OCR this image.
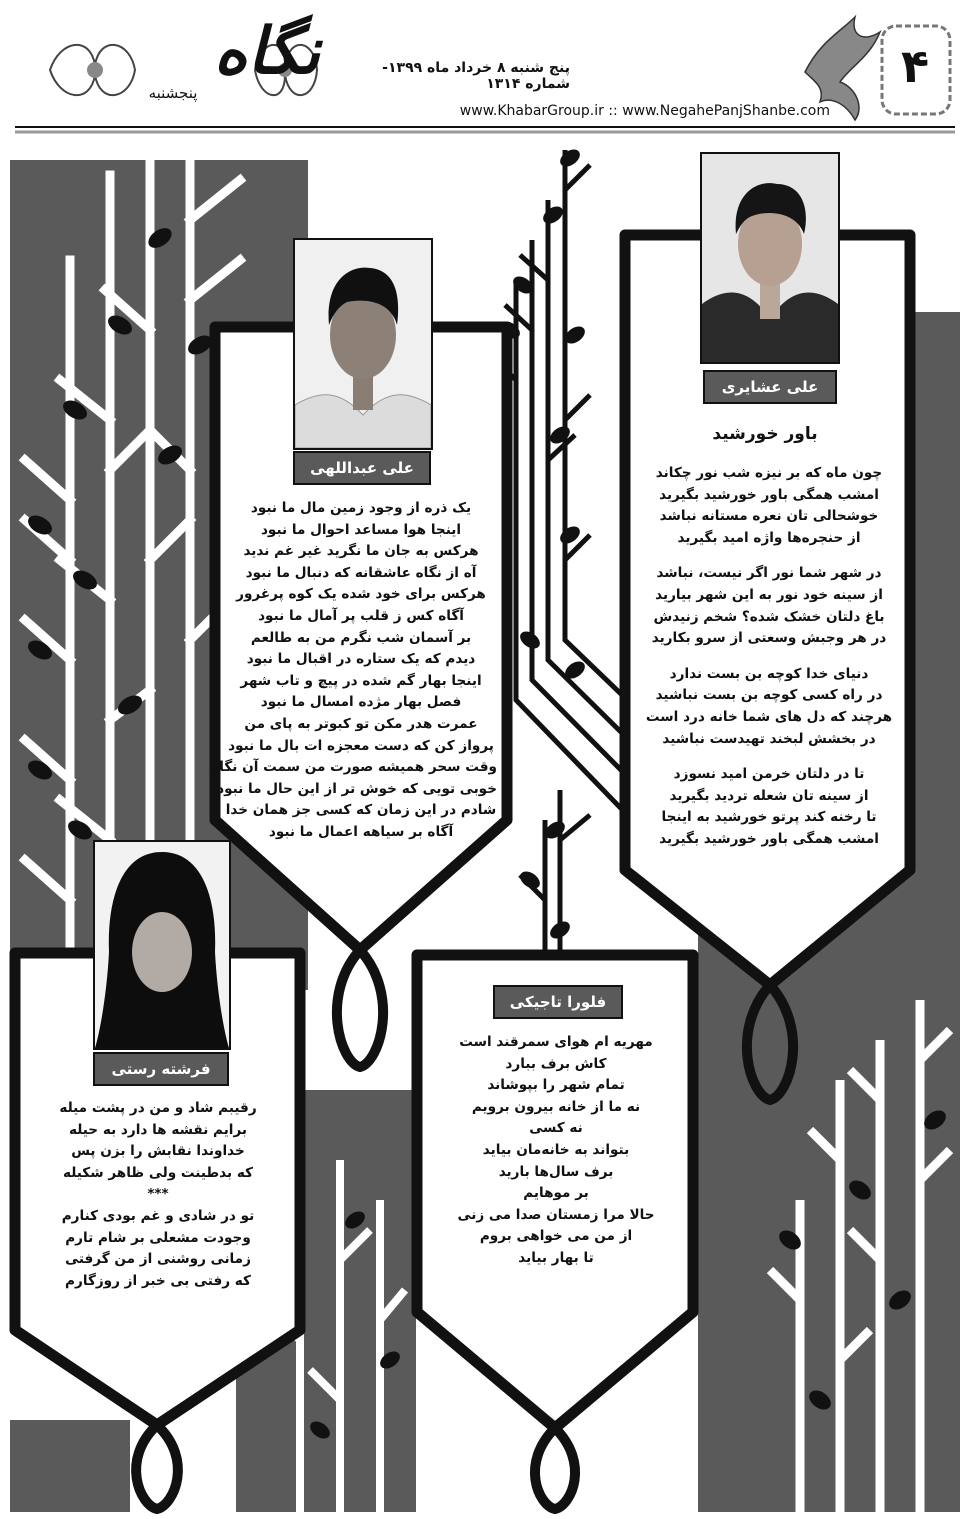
نگاه
پنجشنبه
پنج شنبه ۸ خرداد ماه ۱۳۹۹- شماره ۱۳۱۴
www.KhabarGroup.ir :: www.NegahePanjShanbe.com
۴
علی عشایری (راد)
باور خورشید
چون ماه که بر نیزه شب نور چکاند
امشب همگی باور خورشید بگیرید
خوشحالی تان نعره مستانه نباشد
از حنجره‌ها واژه امید بگیرید
در شهر شما نور اگر نیست، نباشد
از سینه خود نور به این شهر بیارید
باغ دلتان خشک شده؟ شخم زنیدش
در هر وجبش وسعتی از سرو بکارید
دنیای خدا کوچه بن بست ندارد
در راه کسی کوچه بن بست نباشید
هرچند که دل های شما خانه درد است
در بخشش لبخند تهیدست نباشید
تا در دلتان خرمن امید نسوزد
از سینه تان شعله تردید بگیرید
تا رخنه کند پرتو خورشید به اینجا
امشب همگی باور خورشید بگیرید
علی عبداللهی
یک ذره از وجود زمین مال ما نبود
اینجا هوا مساعد احوال ما نبود
هرکس به جان ما نگرید غیر غم ندید
آه از نگاه عاشقانه که دنبال ما نبود
هرکس برای خود شده یک کوه پرغرور
آگاه کس ز قلب پر آمال ما نبود
بر آسمان شب نگرم من به طالعم
دیدم که یک ستاره در اقبال ما نبود
اینجا بهار گم شده در پیچ و تاب شهر
فصل بهار مژده امسال ما نبود
عمرت هدر مکن تو کبوتر به پای من
پرواز کن که دست معجزه ات بال ما نبود
وقت سحر همیشه صورت من سمت آن نگاه
خوبی تویی که خوش تر از این حال ما نبود
شادم در این زمان که کسی جز همان خدا
آگاه بر سیاهه اعمال ما نبود
فرشته رستی
رقیبم شاد و من در پشت میله
برایم نقشه ها دارد به حیله
خداوندا نقابش را بزن پس
که بدطینت ولی ظاهر شکیله
***
تو در شادی و غم بودی کنارم
وجودت مشعلی بر شام تارم
زمانی روشنی از من گرفتی
که رفتی بی خبر از روزگارم
فلورا تاجیکی
مهریه ام هوای سمرقند است
کاش برف ببارد
تمام شهر را بپوشاند
نه ما از خانه بیرون برویم
نه کسی
بتواند به خانه‌مان بیاید
برف سال‌ها بارید
بر موهایم
حالا مرا زمستان صدا می زنی
از من می خواهی بروم
تا بهار بیاید
